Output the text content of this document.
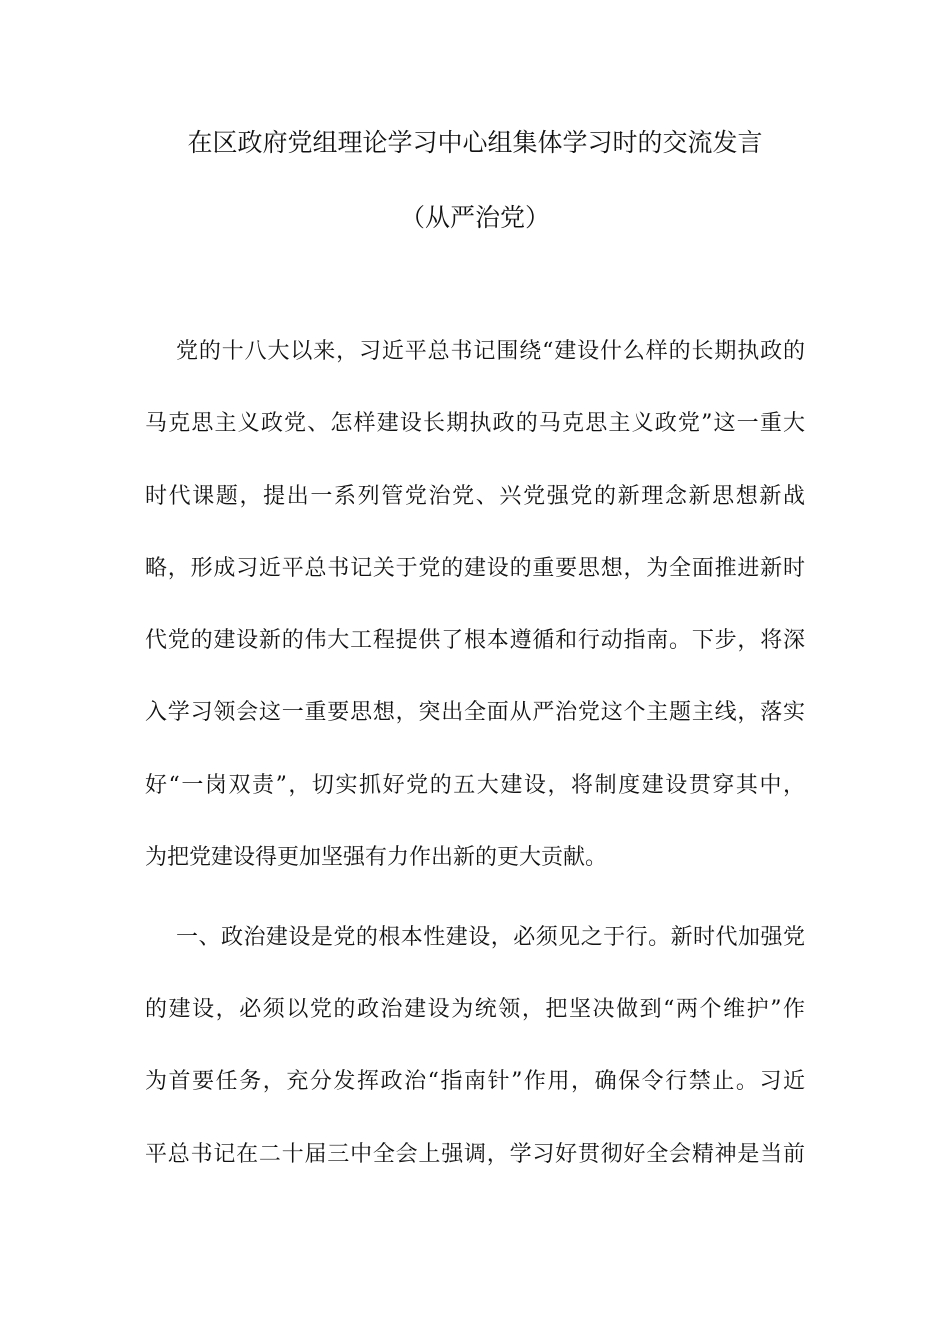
在区政府党组理论学习中心组集体学习时的交流发言
（从严治党）
党的十八大以来，习近平总书记围绕“建设什么样的长期执政的
马克思主义政党、怎样建设长期执政的马克思主义政党”这一重大
时代课题，提出一系列管党治党、兴党强党的新理念新思想新战
略，形成习近平总书记关于党的建设的重要思想，为全面推进新时
代党的建设新的伟大工程提供了根本遵循和行动指南。下步，将深
入学习领会这一重要思想，突出全面从严治党这个主题主线，落实
好“一岗双责”，切实抓好党的五大建设，将制度建设贯穿其中，
为把党建设得更加坚强有力作出新的更大贡献。
一、政治建设是党的根本性建设，必须见之于行。新时代加强党
的建设，必须以党的政治建设为统领，把坚决做到“两个维护”作
为首要任务，充分发挥政治“指南针”作用，确保令行禁止。习近
平总书记在二十届三中全会上强调，学习好贯彻好全会精神是当前
